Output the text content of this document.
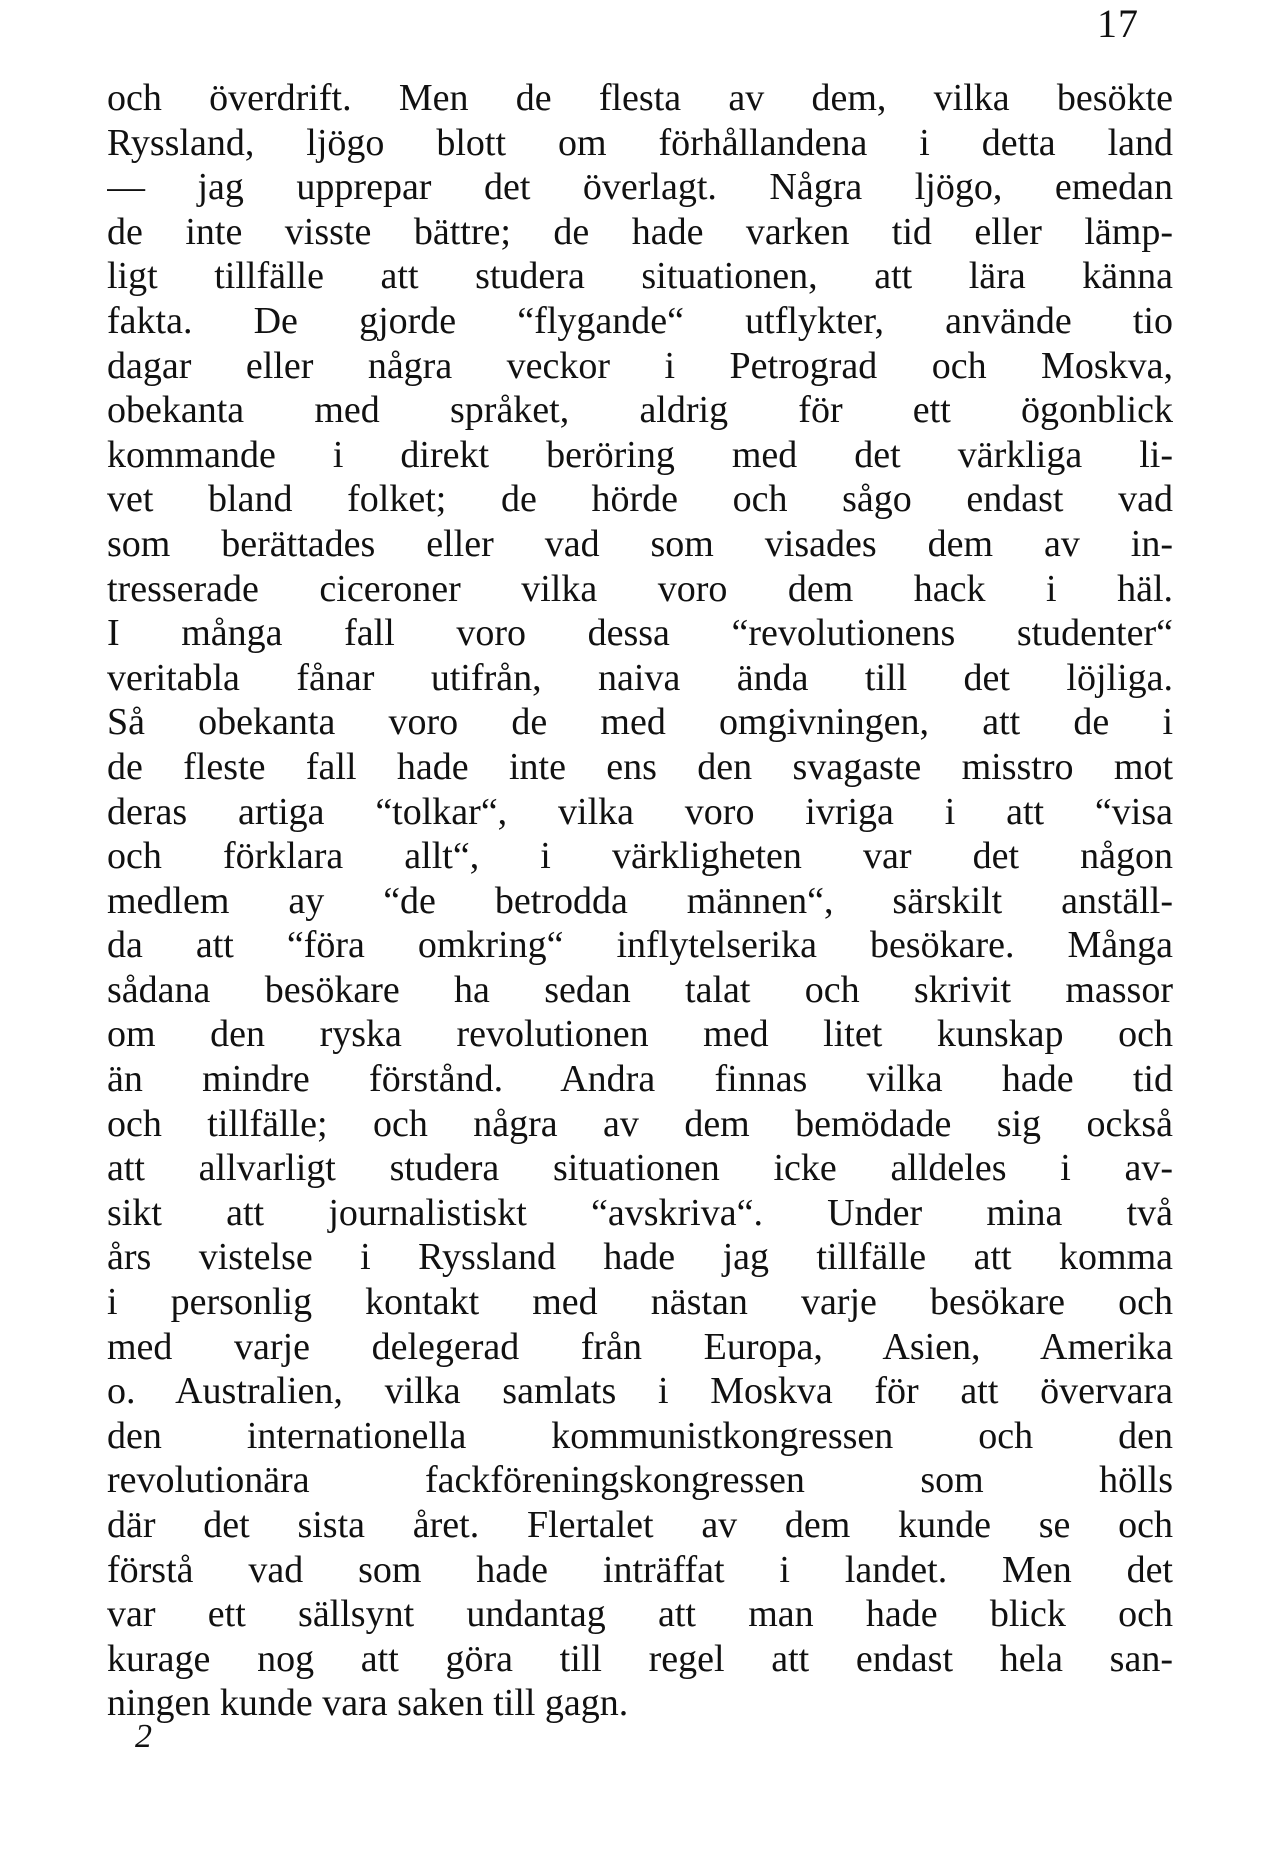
17
och överdrift. Men de flesta av dem, vilka besökte
Ryssland, ljögo blott om förhållandena i detta land
— jag upprepar det överlagt. Några ljögo, emedan
de inte visste bättre; de hade varken tid eller lämp-
ligt tillfälle att studera situationen, att lära känna
fakta. De gjorde “flygande“ utflykter, använde tio
dagar eller några veckor i Petrograd och Moskva,
obekanta med språket, aldrig för ett ögonblick
kommande i direkt beröring med det värkliga li-
vet bland folket; de hörde och sågo endast vad
som berättades eller vad som visades dem av in-
tresserade ciceroner vilka voro dem hack i häl.
I många fall voro dessa “revolutionens studenter“
veritabla fånar utifrån, naiva ända till det löjliga.
Så obekanta voro de med omgivningen, att de i
de fleste fall hade inte ens den svagaste misstro mot
deras artiga “tolkar“, vilka voro ivriga i att “visa
och förklara allt“, i värkligheten var det någon
medlem ay “de betrodda männen“, särskilt anställ-
da att “föra omkring“ inflytelserika besökare. Många
sådana besökare ha sedan talat och skrivit massor
om den ryska revolutionen med litet kunskap och
än mindre förstånd. Andra finnas vilka hade tid
och tillfälle; och några av dem bemödade sig också
att allvarligt studera situationen icke alldeles i av-
sikt att journalistiskt “avskriva“. Under mina två
års vistelse i Ryssland hade jag tillfälle att komma
i personlig kontakt med nästan varje besökare och
med varje delegerad från Europa, Asien, Amerika
o. Australien, vilka samlats i Moskva för att övervara
den internationella kommunistkongressen och den
revolutionära fackföreningskongressen som hölls
där det sista året. Flertalet av dem kunde se och
förstå vad som hade inträffat i landet. Men det
var ett sällsynt undantag att man hade blick och
kurage nog att göra till regel att endast hela san-
ningen kunde vara saken till gagn.
2
